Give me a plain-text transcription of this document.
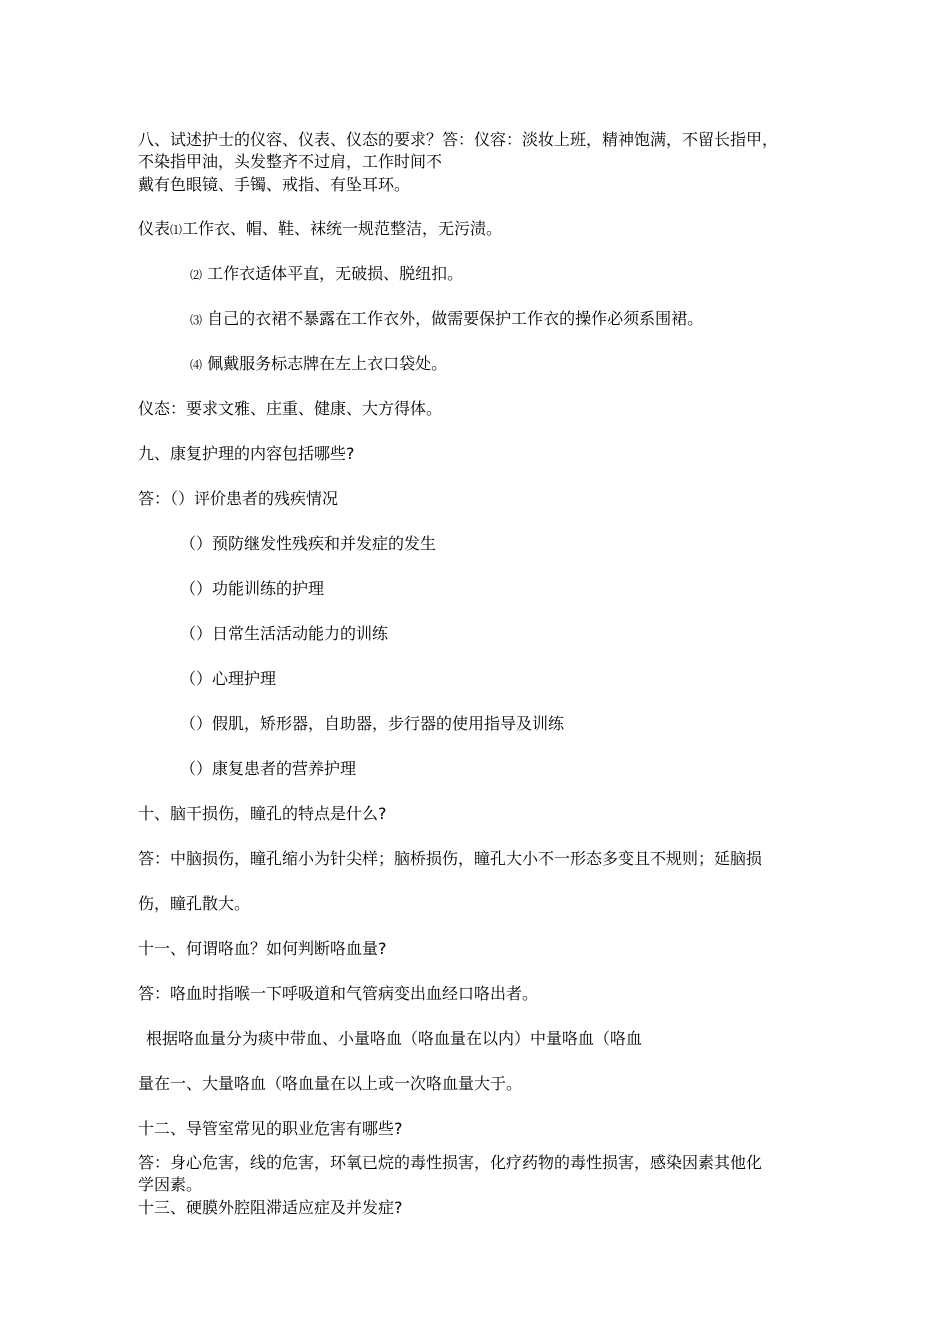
八、试述护士的仪容、仪表、仪态的要求？答：仪容：淡妆上班，精神饱满，不留长指甲，
不染指甲油，头发整齐不过肩，工作时间不
戴有色眼镜、手镯、戒指、有坠耳环。
仪表⑴工作衣、帽、鞋、袜统一规范整洁，无污渍。
⑵ 工作衣适体平直，无破损、脱纽扣。
⑶ 自己的衣裙不暴露在工作衣外，做需要保护工作衣的操作必须系围裙。
⑷ 佩戴服务标志牌在左上衣口袋处。
仪态：要求文雅、庄重、健康、大方得体。
九、康复护理的内容包括哪些?
答：（）评价患者的残疾情况
（）预防继发性残疾和并发症的发生
（）功能训练的护理
（）日常生活活动能力的训练
（）心理护理
（）假肌，矫形器，自助器，步行器的使用指导及训练
（）康复患者的营养护理
十、脑干损伤，瞳孔的特点是什么?
答：中脑损伤，瞳孔缩小为针尖样；脑桥损伤，瞳孔大小不一形态多变且不规则；延脑损
伤，瞳孔散大。
十一、何谓咯血？如何判断咯血量?
答：咯血时指喉一下呼吸道和气管病变出血经口咯出者。
根据咯血量分为痰中带血、小量咯血（咯血量在以内）中量咯血（咯血
量在一、大量咯血（咯血量在以上或一次咯血量大于。
十二、导管室常见的职业危害有哪些?
答：身心危害，线的危害，环氧已烷的毒性损害，化疗药物的毒性损害，感染因素其他化
学因素。
十三、硬膜外腔阻滞适应症及并发症?
